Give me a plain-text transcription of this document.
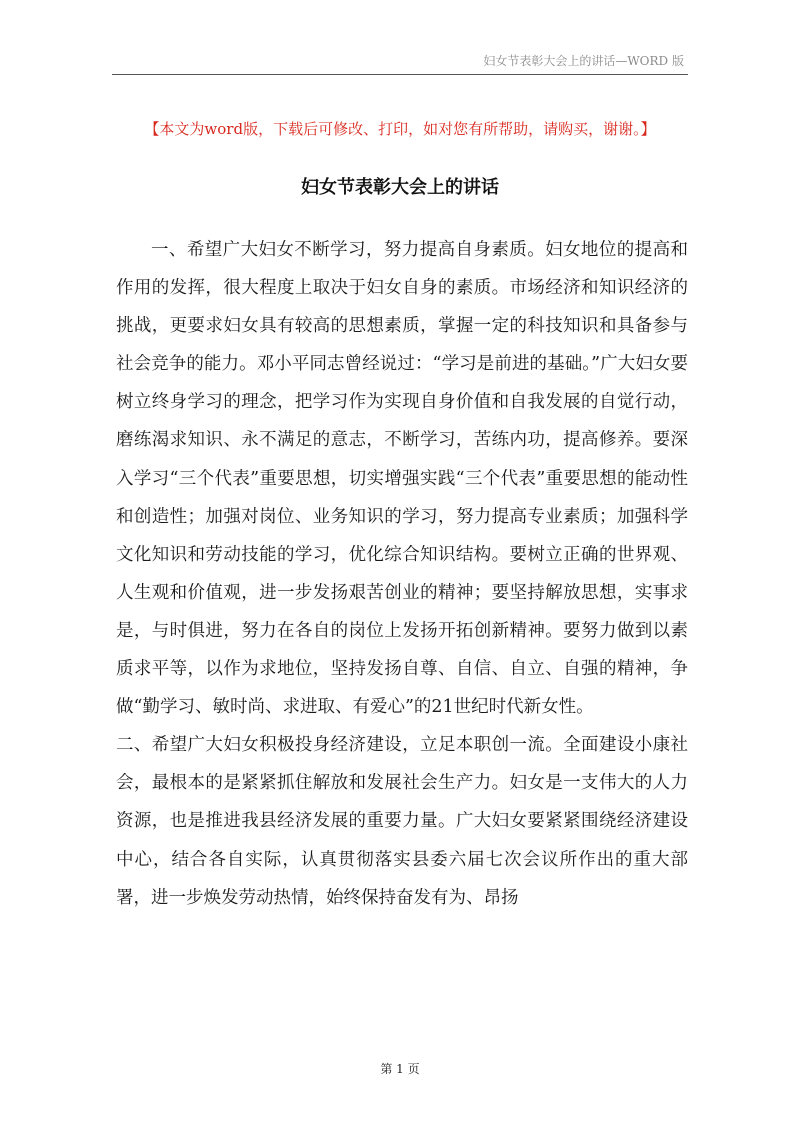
妇女节表彰大会上的讲话—WORD 版
【本文为word版，下载后可修改、打印，如对您有所帮助，请购买，谢谢。】
妇女节表彰大会上的讲话

一、希望广大妇女不断学习，努力提高自身素质。妇女地位的提高和作用的发挥，很大程度上取决于妇女自身的素质。市场经济和知识经济的挑战，更要求妇女具有较高的思想素质，掌握一定的科技知识和具备参与社会竞争的能力。邓小平同志曾经说过：“学习是前进的基础。”广大妇女要树立终身学习的理念，把学习作为实现自身价值和自我发展的自觉行动，磨练渴求知识、永不满足的意志，不断学习，苦练内功，提高修养。要深入学习“三个代表”重要思想，切实增强实践“三个代表”重要思想的能动性和创造性；加强对岗位、业务知识的学习，努力提高专业素质；加强科学文化知识和劳动技能的学习，优化综合知识结构。要树立正确的世界观、人生观和价值观，进一步发扬艰苦创业的精神；要坚持解放思想，实事求是，与时俱进，努力在各自的岗位上发扬开拓创新精神。要努力做到以素质求平等，以作为求地位，坚持发扬自尊、自信、自立、自强的精神，争做“勤学习、敏时尚、求进取、有爱心”的21世纪时代新女性。

二、希望广大妇女积极投身经济建设，立足本职创一流。全面建设小康社会，最根本的是紧紧抓住解放和发展社会生产力。妇女是一支伟大的人力资源，也是推进我县经济发展的重要力量。广大妇女要紧紧围绕经济建设中心，结合各自实际，认真贯彻落实县委六届七次会议所作出的重大部署，进一步焕发劳动热情，始终保持奋发有为、昂扬

第 1 页
